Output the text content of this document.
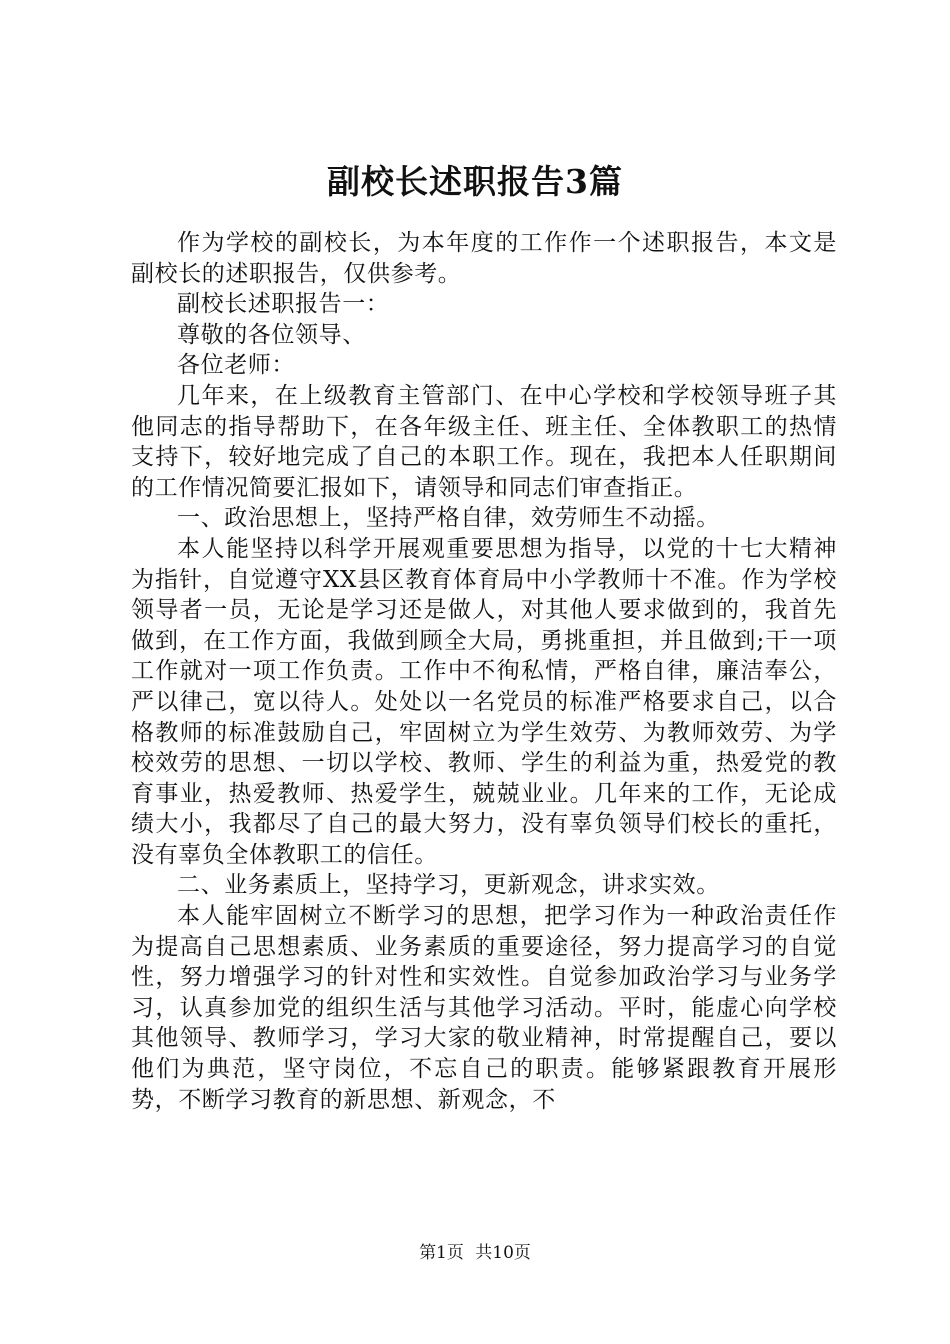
副校长述职报告3篇

作为学校的副校长，为本年度的工作作一个述职报告，本文是副校长的述职报告，仅供参考。

副校长述职报告一：

尊敬的各位领导、

各位老师：

几年来，在上级教育主管部门、在中心学校和学校领导班子其他同志的指导帮助下，在各年级主任、班主任、全体教职工的热情支持下，较好地完成了自己的本职工作。现在，我把本人任职期间的工作情况简要汇报如下，请领导和同志们审查指正。

一、政治思想上，坚持严格自律，效劳师生不动摇。

本人能坚持以科学开展观重要思想为指导，以党的十七大精神为指针，自觉遵守XX县区教育体育局中小学教师十不准。作为学校领导者一员，无论是学习还是做人，对其他人要求做到的，我首先做到，在工作方面，我做到顾全大局，勇挑重担，并且做到;干一项工作就对一项工作负责。工作中不徇私情，严格自律，廉洁奉公，严以律己，宽以待人。处处以一名党员的标准严格要求自己，以合格教师的标准鼓励自己，牢固树立为学生效劳、为教师效劳、为学校效劳的思想、一切以学校、教师、学生的利益为重，热爱党的教育事业，热爱教师、热爱学生，兢兢业业。几年来的工作，无论成绩大小，我都尽了自己的最大努力，没有辜负领导们校长的重托，没有辜负全体教职工的信任。

二、业务素质上，坚持学习，更新观念，讲求实效。

本人能牢固树立不断学习的思想，把学习作为一种政治责任作为提高自己思想素质、业务素质的重要途径，努力提高学习的自觉性，努力增强学习的针对性和实效性。自觉参加政治学习与业务学习，认真参加党的组织生活与其他学习活动。平时，能虚心向学校其他领导、教师学习，学习大家的敬业精神，时常提醒自己，要以他们为典范，坚守岗位，不忘自己的职责。能够紧跟教育开展形势，不断学习教育的新思想、新观念，不

第1页 共10页
